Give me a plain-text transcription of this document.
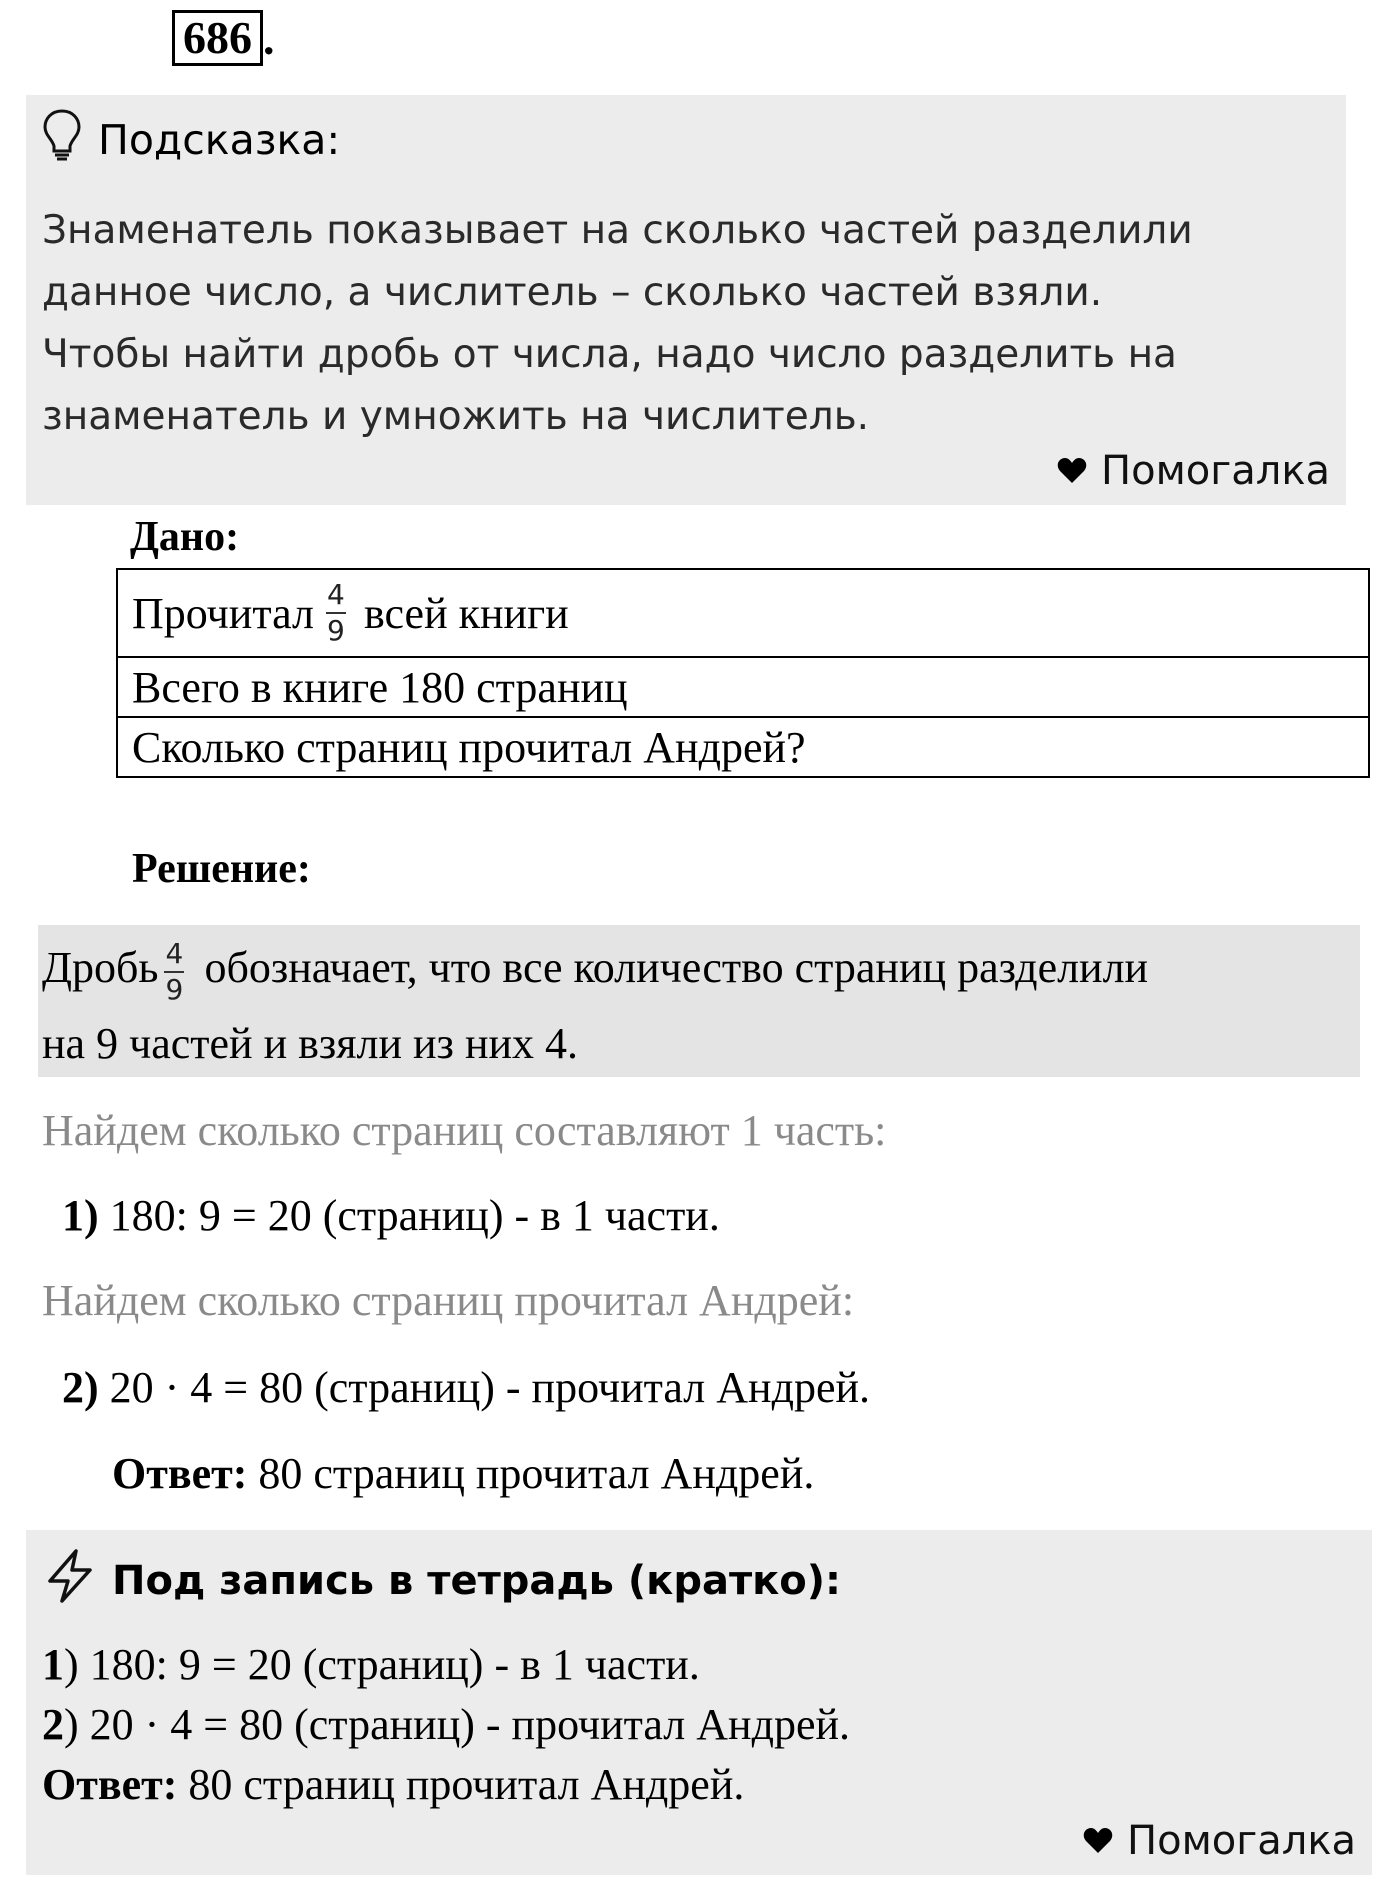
686 .
Подсказка:
Знаменатель показывает на сколько частей разделили
данное число, а числитель – сколько частей взяли.
Чтобы найти дробь от числа, надо число разделить на
знаменатель и умножить на числитель.
Помогалка
Дано:
Прочитал $\frac{4}{9}$ всей книги
Всего в книге 180 страниц
Сколько страниц прочитал Андрей?
Решение:
Дробь $\frac{4}{9}$ обозначает, что все количество страниц разделили
на 9 частей и взяли из них 4.
Найдем сколько страниц составляют 1 часть:
1) 180: 9 = 20 (страниц) - в 1 части.
Найдем сколько страниц прочитал Андрей:
2) 20 · 4 = 80 (страниц) - прочитал Андрей.
Ответ: 80 страниц прочитал Андрей.
Под запись в тетрадь (кратко):
1) 180: 9 = 20 (страниц) - в 1 части.
2) 20 · 4 = 80 (страниц) - прочитал Андрей.
Ответ: 80 страниц прочитал Андрей.
Помогалка
